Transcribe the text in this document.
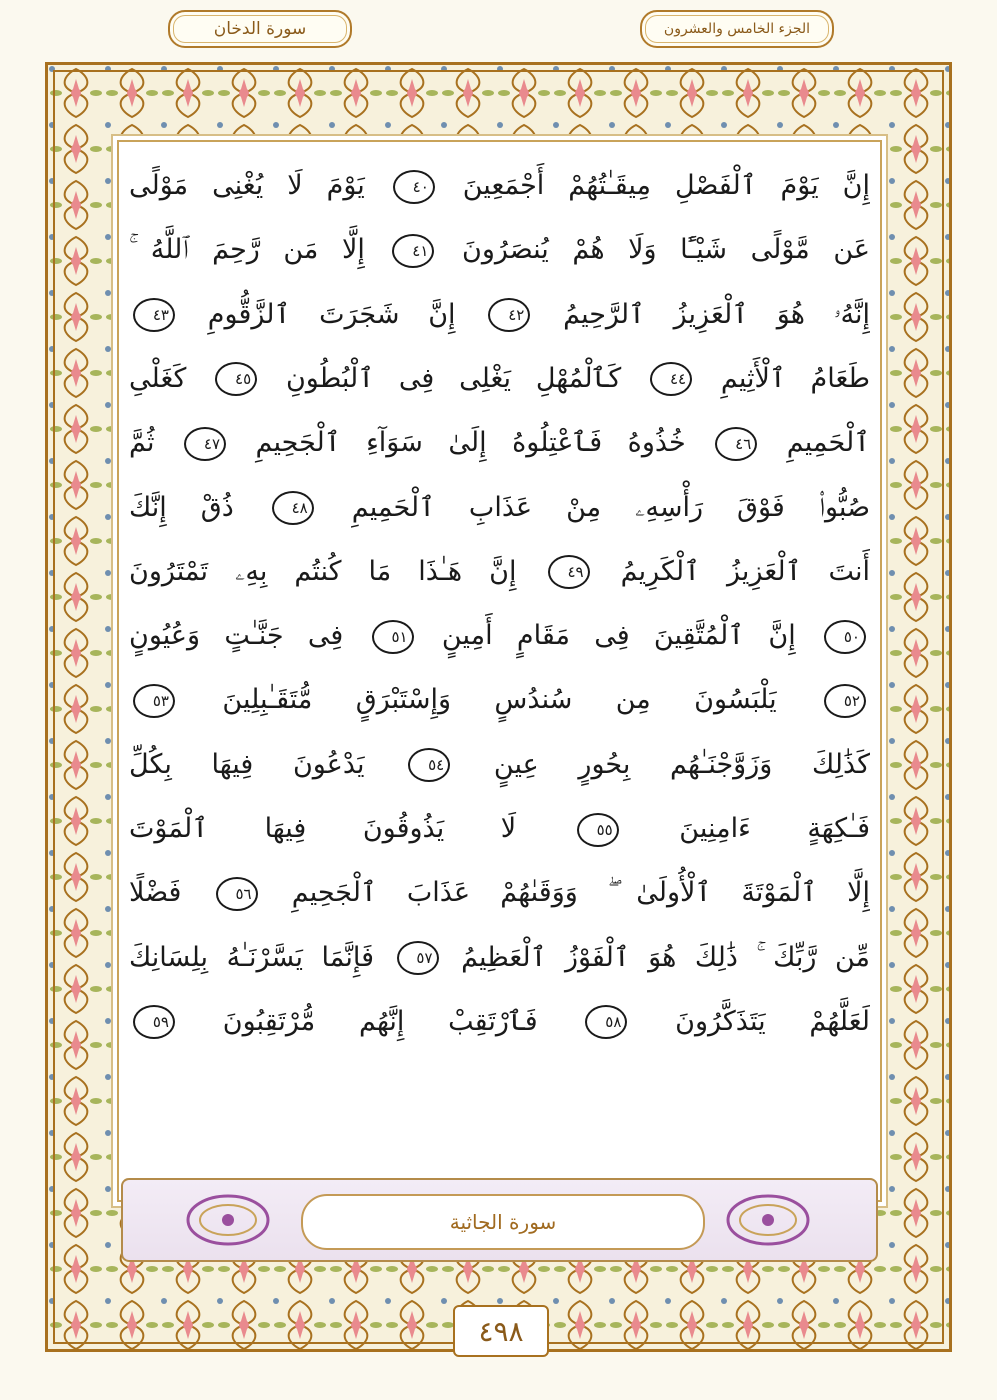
سورة الدخان	الجزء الخامس والعشرون
إِنَّ يَوْمَ ٱلْفَصْلِ مِيقَـٰتُهُمْ أَجْمَعِينَ ٤٠ يَوْمَ لَا يُغْنِى مَوْلًى
عَن مَّوْلًى شَيْـًٔا وَلَا هُمْ يُنصَرُونَ ٤١ إِلَّا مَن رَّحِمَ ٱللَّهُ ۚ
إِنَّهُۥ هُوَ ٱلْعَزِيزُ ٱلرَّحِيمُ ٤٢ إِنَّ شَجَرَتَ ٱلزَّقُّومِ ٤٣
طَعَامُ ٱلْأَثِيمِ ٤٤ كَٱلْمُهْلِ يَغْلِى فِى ٱلْبُطُونِ ٤٥ كَغَلْىِ
ٱلْحَمِيمِ ٤٦ خُذُوهُ فَٱعْتِلُوهُ إِلَىٰ سَوَآءِ ٱلْجَحِيمِ ٤٧ ثُمَّ
صُبُّوا۟ فَوْقَ رَأْسِهِۦ مِنْ عَذَابِ ٱلْحَمِيمِ ٤٨ ذُقْ إِنَّكَ
أَنتَ ٱلْعَزِيزُ ٱلْكَرِيمُ ٤٩ إِنَّ هَـٰذَا مَا كُنتُم بِهِۦ تَمْتَرُونَ
٥٠ إِنَّ ٱلْمُتَّقِينَ فِى مَقَامٍ أَمِينٍ ٥١ فِى جَنَّـٰتٍ وَعُيُونٍ
٥٢ يَلْبَسُونَ مِن سُندُسٍ وَإِسْتَبْرَقٍ مُّتَقَـٰبِلِينَ ٥٣
كَذَٰلِكَ وَزَوَّجْنَـٰهُم بِحُورٍ عِينٍ ٥٤ يَدْعُونَ فِيهَا بِكُلِّ
فَـٰكِهَةٍ ءَامِنِينَ ٥٥ لَا يَذُوقُونَ فِيهَا ٱلْمَوْتَ
إِلَّا ٱلْمَوْتَةَ ٱلْأُولَىٰ ۖ وَوَقَىٰهُمْ عَذَابَ ٱلْجَحِيمِ ٥٦ فَضْلًا
مِّن رَّبِّكَ ۚ ذَٰلِكَ هُوَ ٱلْفَوْزُ ٱلْعَظِيمُ ٥٧ فَإِنَّمَا يَسَّرْنَـٰهُ بِلِسَانِكَ
لَعَلَّهُمْ يَتَذَكَّرُونَ ٥٨ فَٱرْتَقِبْ إِنَّهُم مُّرْتَقِبُونَ ٥٩
سورة الجاثية
٤٩٨
